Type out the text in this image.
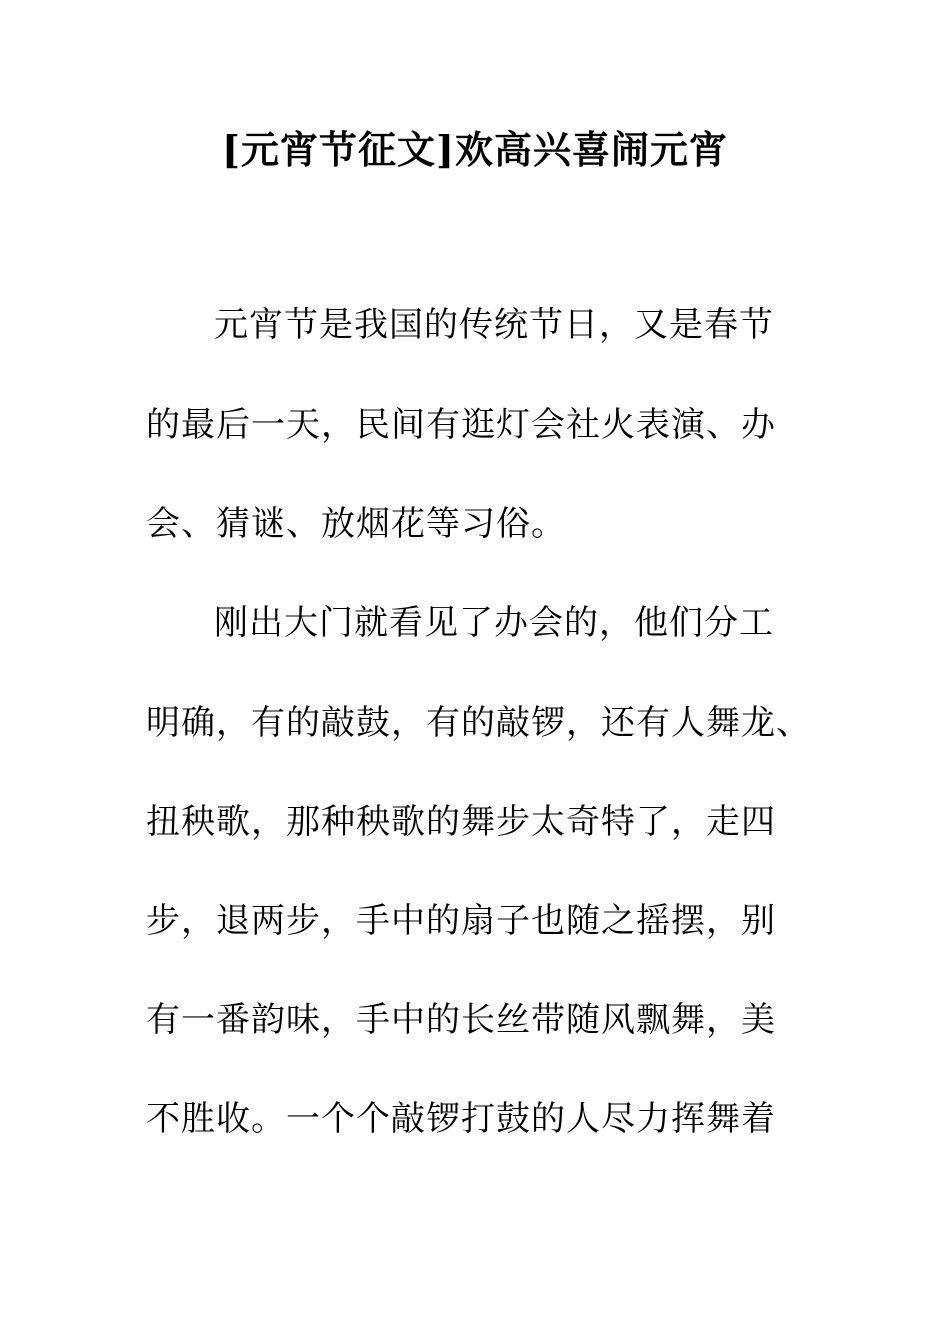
[元宵节征文]欢高兴喜闹元宵
元宵节是我国的传统节日，又是春节
的最后一天，民间有逛灯会社火表演、办
会、猜谜、放烟花等习俗。
刚出大门就看见了办会的，他们分工
明确，有的敲鼓，有的敲锣，还有人舞龙、
扭秧歌，那种秧歌的舞步太奇特了，走四
步，退两步，手中的扇子也随之摇摆，别
有一番韵味，手中的长丝带随风飘舞，美
不胜收。一个个敲锣打鼓的人尽力挥舞着
